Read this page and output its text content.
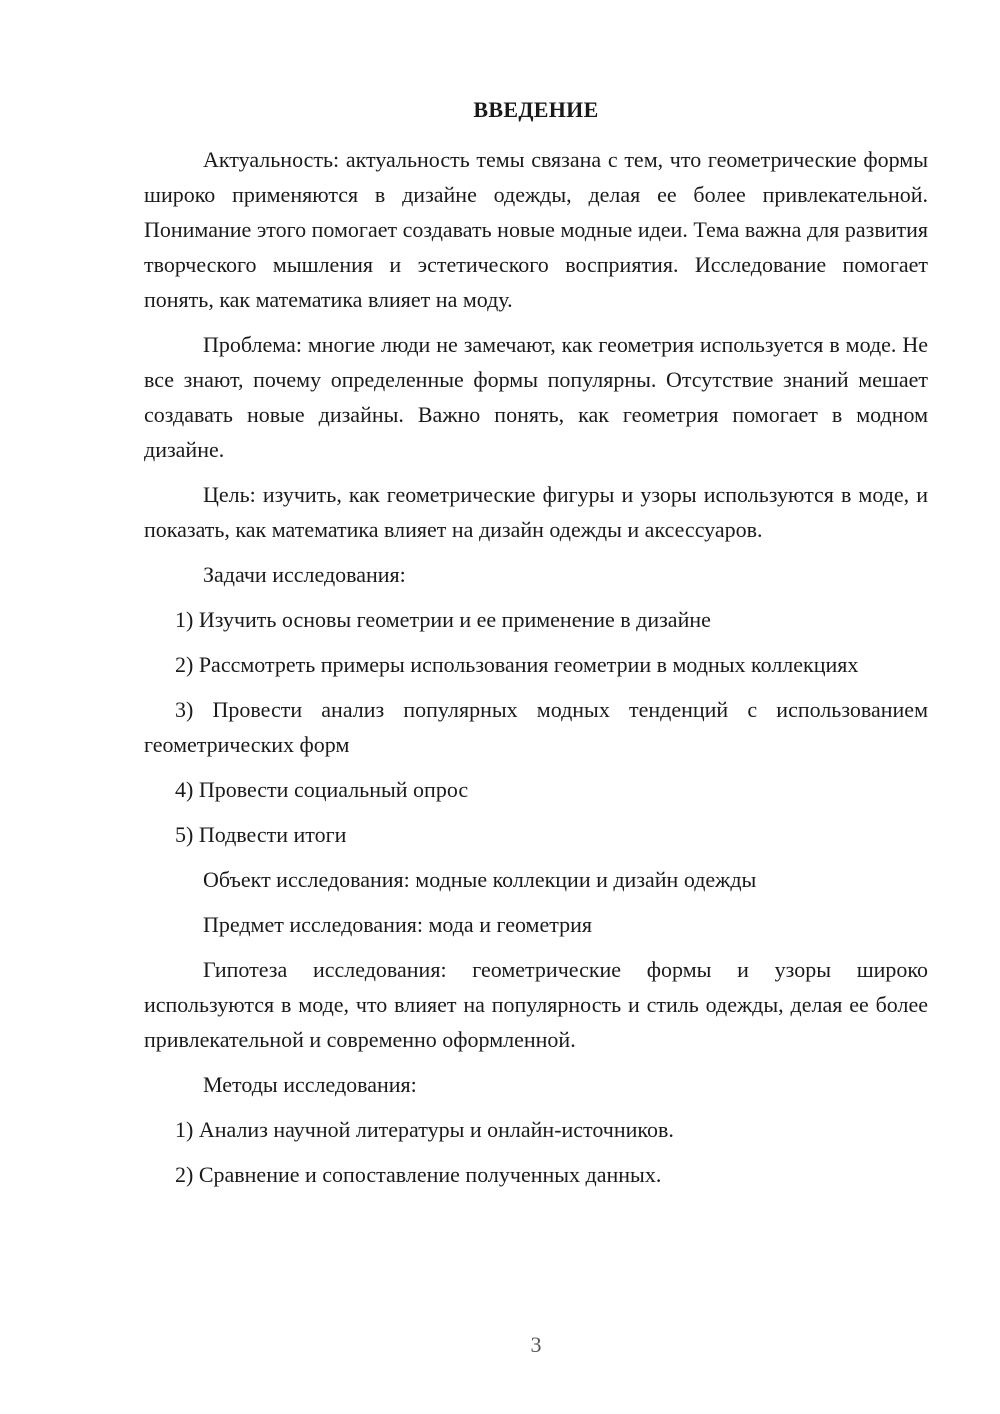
ВВЕДЕНИЕ

Актуальность: актуальность темы связана с тем, что геометрические формы широко применяются в дизайне одежды, делая ее более привлекательной. Понимание этого помогает создавать новые модные идеи. Тема важна для развития творческого мышления и эстетического восприятия. Исследование помогает понять, как математика влияет на моду.

Проблема: многие люди не замечают, как геометрия используется в моде. Не все знают, почему определенные формы популярны. Отсутствие знаний мешает создавать новые дизайны. Важно понять, как геометрия помогает в модном дизайне.

Цель: изучить, как геометрические фигуры и узоры используются в моде, и показать, как математика влияет на дизайн одежды и аксессуаров.

Задачи исследования:

1) Изучить основы геометрии и ее применение в дизайне

2) Рассмотреть примеры использования геометрии в модных коллекциях

3) Провести анализ популярных модных тенденций с использованием геометрических форм

4) Провести социальный опрос

5) Подвести итоги

Объект исследования: модные коллекции и дизайн одежды

Предмет исследования: мода и геометрия

Гипотеза исследования: геометрические формы и узоры широко используются в моде, что влияет на популярность и стиль одежды, делая ее более привлекательной и современно оформленной.

Методы исследования:

1) Анализ научной литературы и онлайн-источников.

2) Сравнение и сопоставление полученных данных.

3
